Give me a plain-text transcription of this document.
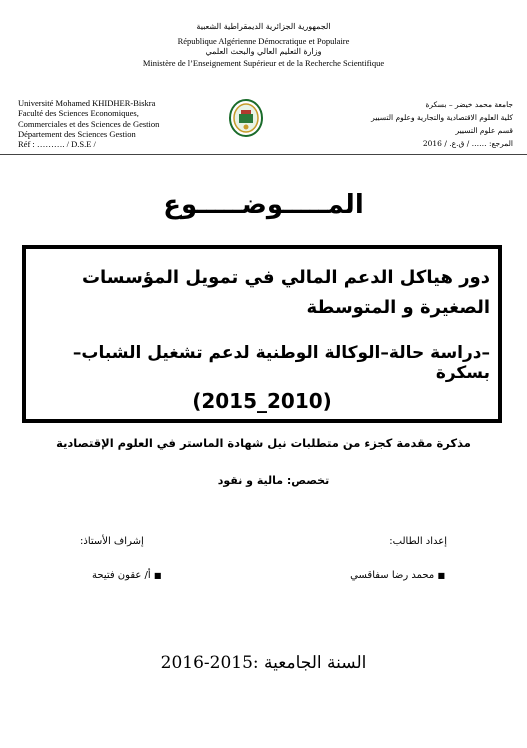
الجمهورية الجزائرية الديمقراطية الشعبية
République Algérienne Démocratique et Populaire
وزارة التعليم العالي والبحث العلمي
Ministère de l’Enseignement Supérieur et de la Recherche Scientifique
Université Mohamed KHIDHER-Biskra
Faculté des Sciences Economiques,
Commerciales et des Sciences de Gestion
Département des Sciences Gestion
Réf : ………. / D.S.E /
جامعة محمد خيضر – بسكرة
كلية العلوم الاقتصادية والتجارية وعلوم التسيير
قسم علوم التسيير
المرجع: …… / ق.ع. / 2016
المـــــوضـــــوع
دور هياكل الدعم المالي في تمويل المؤسسات الصغيرة و المتوسطة
–دراسة حالة–الوكالة الوطنية لدعم تشغيل الشباب–بسكرة
(2015_2010)
مذكرة مقدمة كجزء من متطلبات نيل شهادة الماستر في العلوم الإقتصادية
تخصص: مالية و نقود
إعداد الطالب:
إشراف الأستاذ:
■ محمد رضا سفاقسي
■ أ/ عقون فتيحة
السنة الجامعية :2015-2016
